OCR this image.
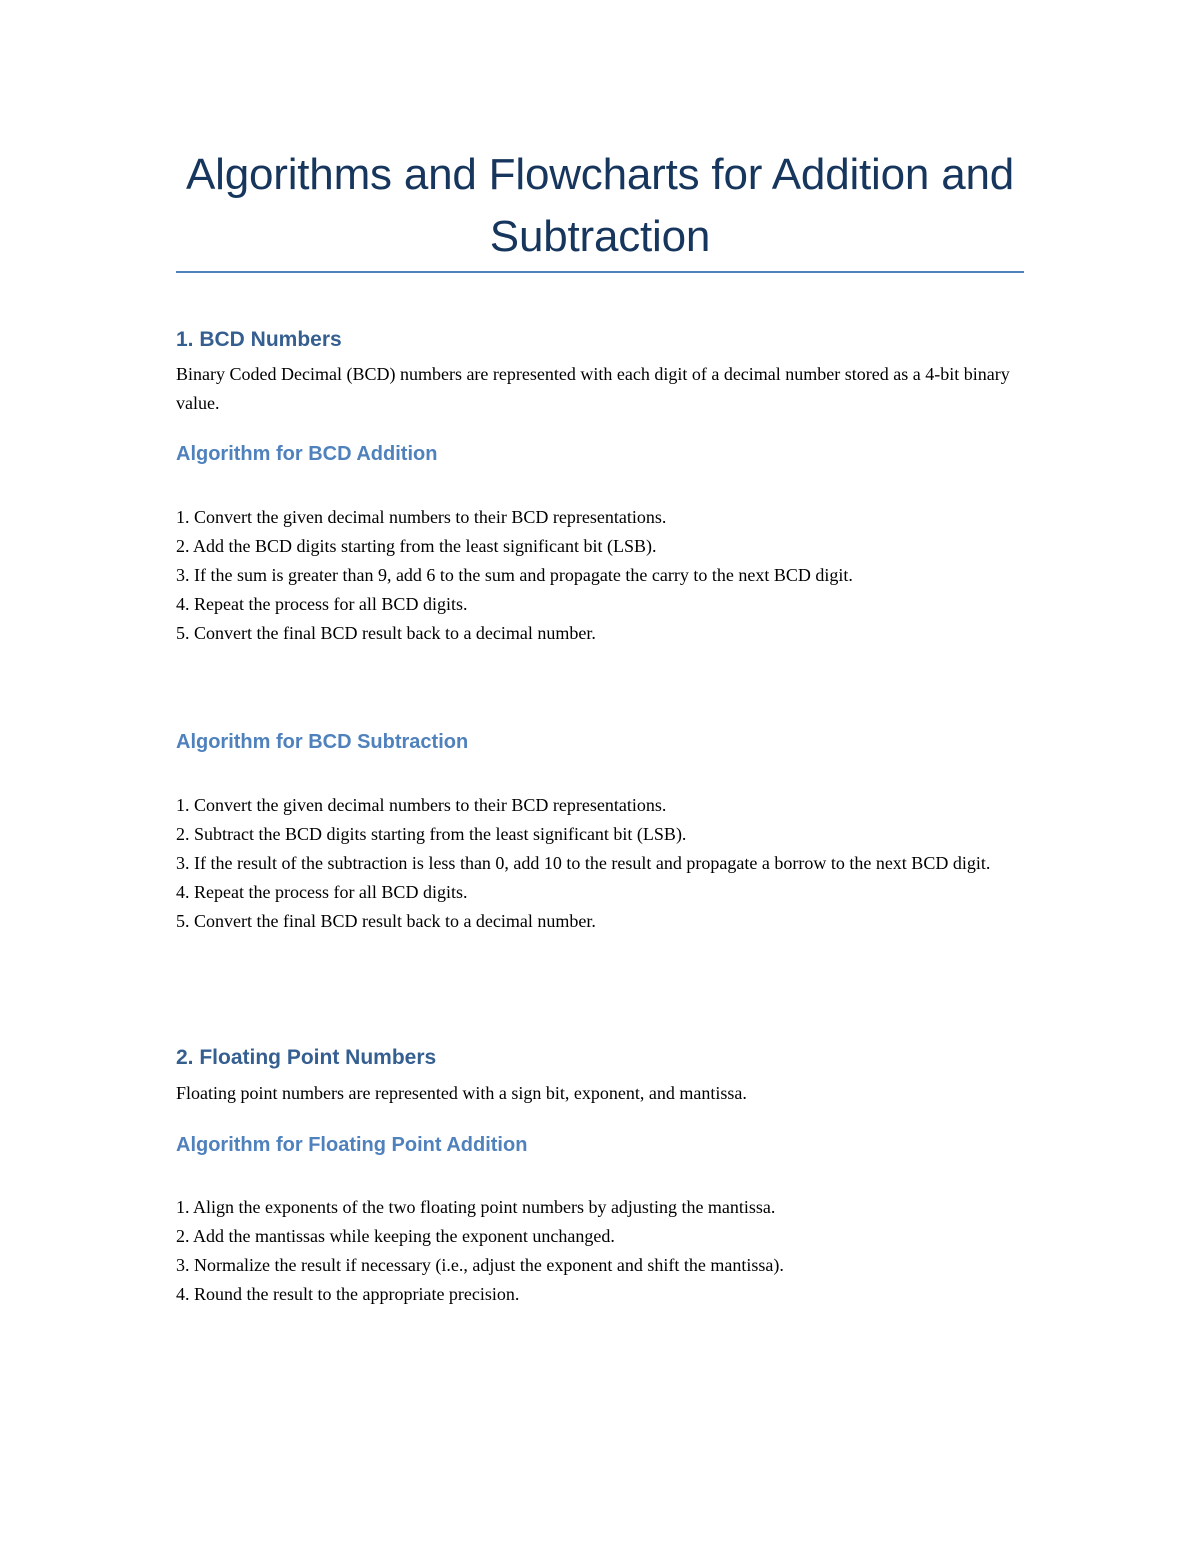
Algorithms and Flowcharts for Addition and Subtraction
1. BCD Numbers

Binary Coded Decimal (BCD) numbers are represented with each digit of a decimal number stored as a 4-bit binary value.

Algorithm for BCD Addition
1. Convert the given decimal numbers to their BCD representations.
2. Add the BCD digits starting from the least significant bit (LSB).
3. If the sum is greater than 9, add 6 to the sum and propagate the carry to the next BCD digit.
4. Repeat the process for all BCD digits.
5. Convert the final BCD result back to a decimal number.
Algorithm for BCD Subtraction
1. Convert the given decimal numbers to their BCD representations.
2. Subtract the BCD digits starting from the least significant bit (LSB).
3. If the result of the subtraction is less than 0, add 10 to the result and propagate a borrow to the next BCD digit.
4. Repeat the process for all BCD digits.
5. Convert the final BCD result back to a decimal number.
2. Floating Point Numbers

Floating point numbers are represented with a sign bit, exponent, and mantissa.

Algorithm for Floating Point Addition
1. Align the exponents of the two floating point numbers by adjusting the mantissa.
2. Add the mantissas while keeping the exponent unchanged.
3. Normalize the result if necessary (i.e., adjust the exponent and shift the mantissa).
4. Round the result to the appropriate precision.
